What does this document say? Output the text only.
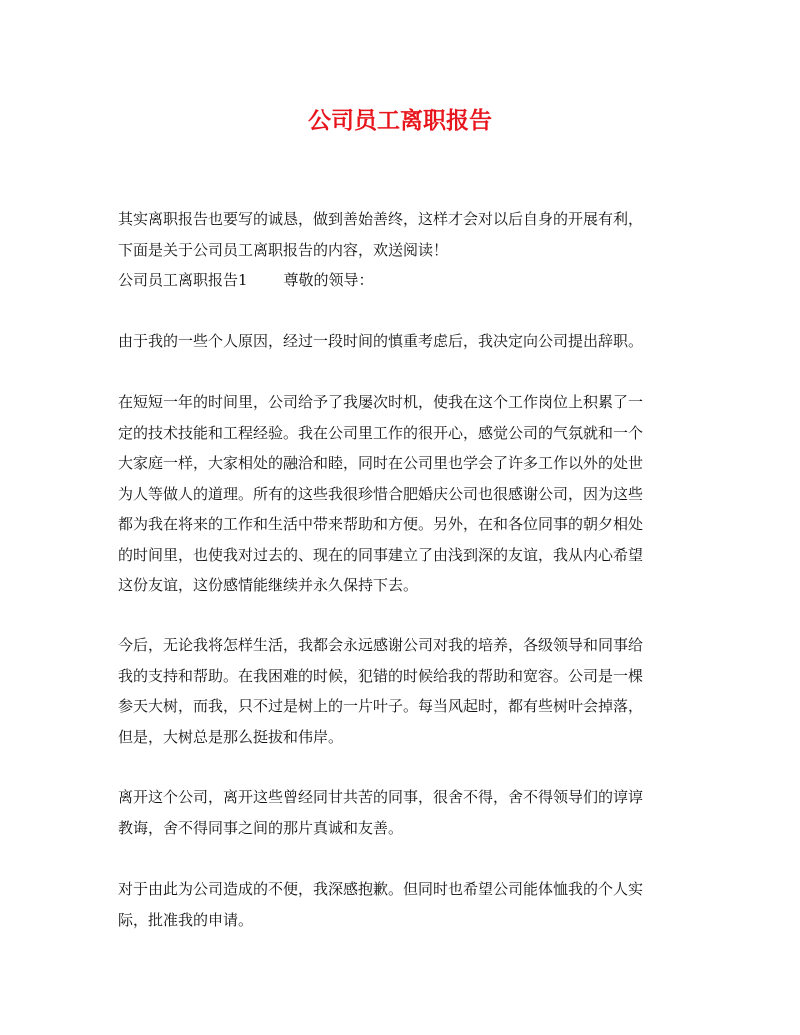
公司员工离职报告
其实离职报告也要写的诚恳，做到善始善终，这样才会对以后自身的开展有利，
下面是关于公司员工离职报告的内容，欢送阅读！
公司员工离职报告1 尊敬的领导：
由于我的一些个人原因，经过一段时间的慎重考虑后，我决定向公司提出辞职。
在短短一年的时间里，公司给予了我屡次时机，使我在这个工作岗位上积累了一
定的技术技能和工程经验。我在公司里工作的很开心，感觉公司的气氛就和一个
大家庭一样，大家相处的融洽和睦，同时在公司里也学会了许多工作以外的处世
为人等做人的道理。所有的这些我很珍惜合肥婚庆公司也很感谢公司，因为这些
都为我在将来的工作和生活中带来帮助和方便。另外，在和各位同事的朝夕相处
的时间里，也使我对过去的、现在的同事建立了由浅到深的友谊，我从内心希望
这份友谊，这份感情能继续并永久保持下去。
今后，无论我将怎样生活，我都会永远感谢公司对我的培养，各级领导和同事给
我的支持和帮助。在我困难的时候，犯错的时候给我的帮助和宽容。公司是一棵
参天大树，而我，只不过是树上的一片叶子。每当风起时，都有些树叶会掉落，
但是，大树总是那么挺拔和伟岸。
离开这个公司，离开这些曾经同甘共苦的同事，很舍不得，舍不得领导们的谆谆
教诲，舍不得同事之间的那片真诚和友善。
对于由此为公司造成的不便，我深感抱歉。但同时也希望公司能体恤我的个人实
际，批准我的申请。
